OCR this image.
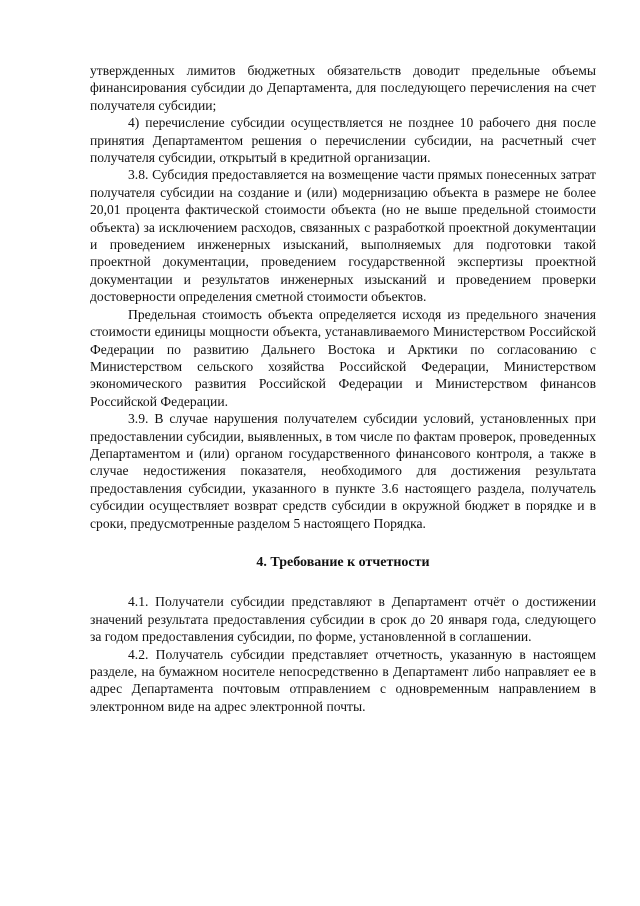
утвержденных лимитов бюджетных обязательств доводит предельные объемы финансирования субсидии до Департамента, для последующего перечисления на счет получателя субсидии;

4) перечисление субсидии осуществляется не позднее 10 рабочего дня после принятия Департаментом решения о перечислении субсидии, на расчетный счет получателя субсидии, открытый в кредитной организации.

3.8. Субсидия предоставляется на возмещение части прямых понесенных затрат получателя субсидии на создание и (или) модернизацию объекта в размере не более 20,01 процента фактической стоимости объекта (но не выше предельной стоимости объекта) за исключением расходов, связанных с разработкой проектной документации и проведением инженерных изысканий, выполняемых для подготовки такой проектной документации, проведением государственной экспертизы проектной документации и результатов инженерных изысканий и проведением проверки достоверности определения сметной стоимости объектов.

Предельная стоимость объекта определяется исходя из предельного значения стоимости единицы мощности объекта, устанавливаемого Министерством Российской Федерации по развитию Дальнего Востока и Арктики по согласованию с Министерством сельского хозяйства Российской Федерации, Министерством экономического развития Российской Федерации и Министерством финансов Российской Федерации.

3.9. В случае нарушения получателем субсидии условий, установленных при предоставлении субсидии, выявленных, в том числе по фактам проверок, проведенных Департаментом и (или) органом государственного финансового контроля, а также в случае недостижения показателя, необходимого для достижения результата предоставления субсидии, указанного в пункте 3.6 настоящего раздела, получатель субсидии осуществляет возврат средств субсидии в окружной бюджет в порядке и в сроки, предусмотренные разделом 5 настоящего Порядка.

4. Требование к отчетности

4.1. Получатели субсидии представляют в Департамент отчёт о достижении значений результата предоставления субсидии в срок до 20 января года, следующего за годом предоставления субсидии, по форме, установленной в соглашении.

4.2. Получатель субсидии представляет отчетность, указанную в настоящем разделе, на бумажном носителе непосредственно в Департамент либо направляет ее в адрес Департамента почтовым отправлением с одновременным направлением в электронном виде на адрес электронной почты.
